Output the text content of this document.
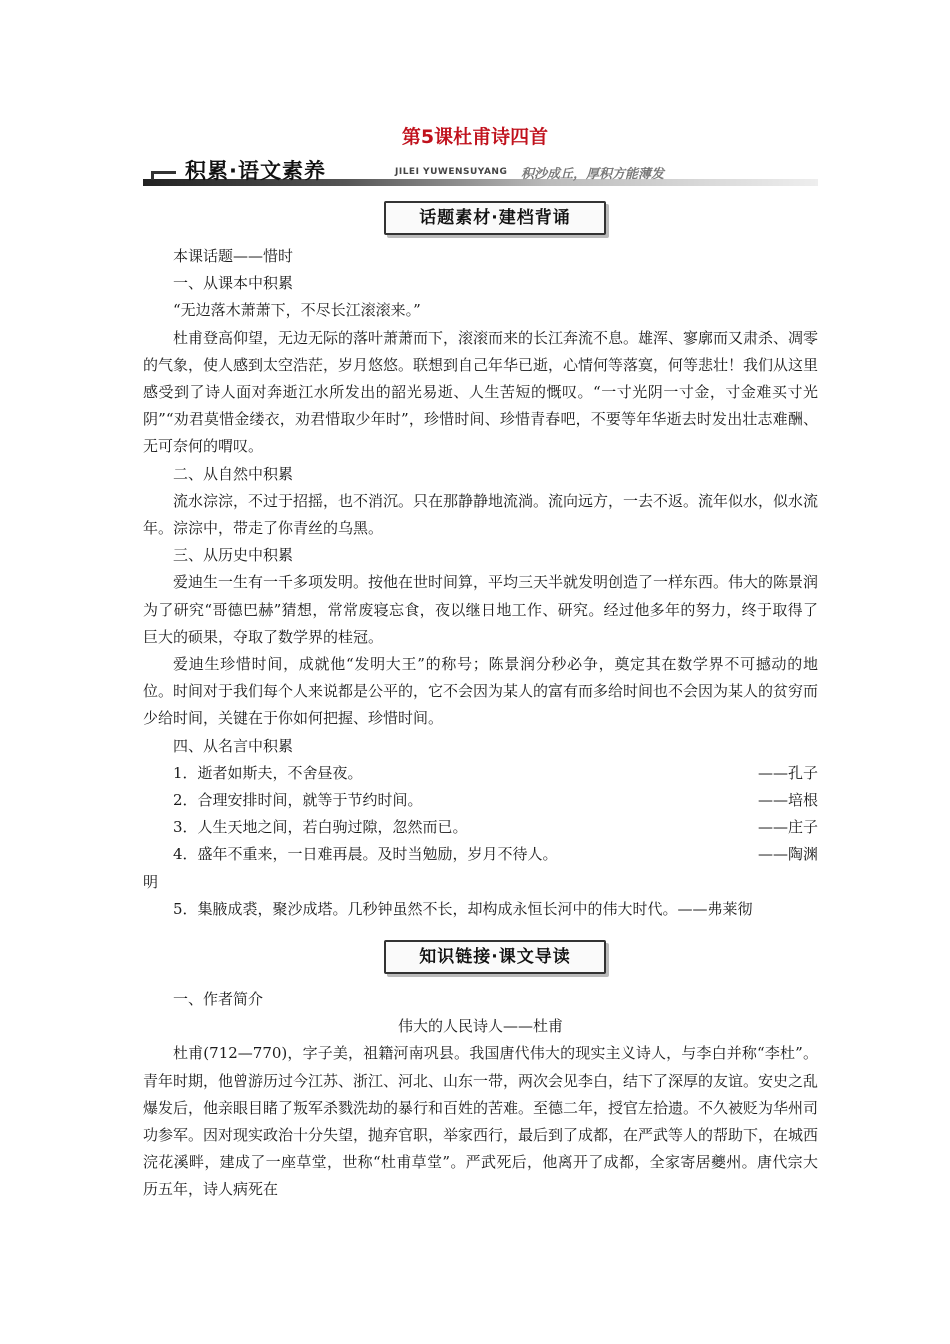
第5课杜甫诗四首
积累·语文素养	JILEI YUWENSUYANG 积沙成丘，厚积方能薄发
话题素材·建档背诵

本课话题——惜时

一、从课本中积累

“无边落木萧萧下，不尽长江滚滚来。”

杜甫登高仰望，无边无际的落叶萧萧而下，滚滚而来的长江奔流不息。雄浑、寥廓而又肃杀、凋零的气象，使人感到太空浩茫，岁月悠悠。联想到自己年华已逝，心情何等落寞，何等悲壮！我们从这里感受到了诗人面对奔逝江水所发出的韶光易逝、人生苦短的慨叹。“一寸光阴一寸金，寸金难买寸光阴”“劝君莫惜金缕衣，劝君惜取少年时”，珍惜时间、珍惜青春吧，不要等年华逝去时发出壮志难酬、无可奈何的喟叹。

二、从自然中积累

流水淙淙，不过于招摇，也不消沉。只在那静静地流淌。流向远方，一去不返。流年似水，似水流年。淙淙中，带走了你青丝的乌黑。

三、从历史中积累

爱迪生一生有一千多项发明。按他在世时间算，平均三天半就发明创造了一样东西。伟大的陈景润为了研究“哥德巴赫”猜想，常常废寝忘食，夜以继日地工作、研究。经过他多年的努力，终于取得了巨大的硕果，夺取了数学界的桂冠。

爱迪生珍惜时间，成就他“发明大王”的称号；陈景润分秒必争，奠定其在数学界不可撼动的地位。时间对于我们每个人来说都是公平的，它不会因为某人的富有而多给时间也不会因为某人的贫穷而少给时间，关键在于你如何把握、珍惜时间。

四、从名言中积累

1．逝者如斯夫，不舍昼夜。	——孔子
2．合理安排时间，就等于节约时间。	——培根
3．人生天地之间，若白驹过隙，忽然而已。	——庄子
4．盛年不重来，一日难再晨。及时当勉励，岁月不待人。	——陶渊

明

5．集腋成裘，聚沙成塔。几秒钟虽然不长，却构成永恒长河中的伟大时代。——弗莱彻

知识链接·课文导读

一、作者简介

伟大的人民诗人——杜甫

杜甫(712—770)，字子美，祖籍河南巩县。我国唐代伟大的现实主义诗人，与李白并称“李杜”。青年时期，他曾游历过今江苏、浙江、河北、山东一带，两次会见李白，结下了深厚的友谊。安史之乱爆发后，他亲眼目睹了叛军杀戮洗劫的暴行和百姓的苦难。至德二年，授官左拾遗。不久被贬为华州司功参军。因对现实政治十分失望，抛弃官职，举家西行，最后到了成都，在严武等人的帮助下，在城西浣花溪畔，建成了一座草堂，世称“杜甫草堂”。严武死后，他离开了成都，全家寄居夔州。唐代宗大历五年，诗人病死在
